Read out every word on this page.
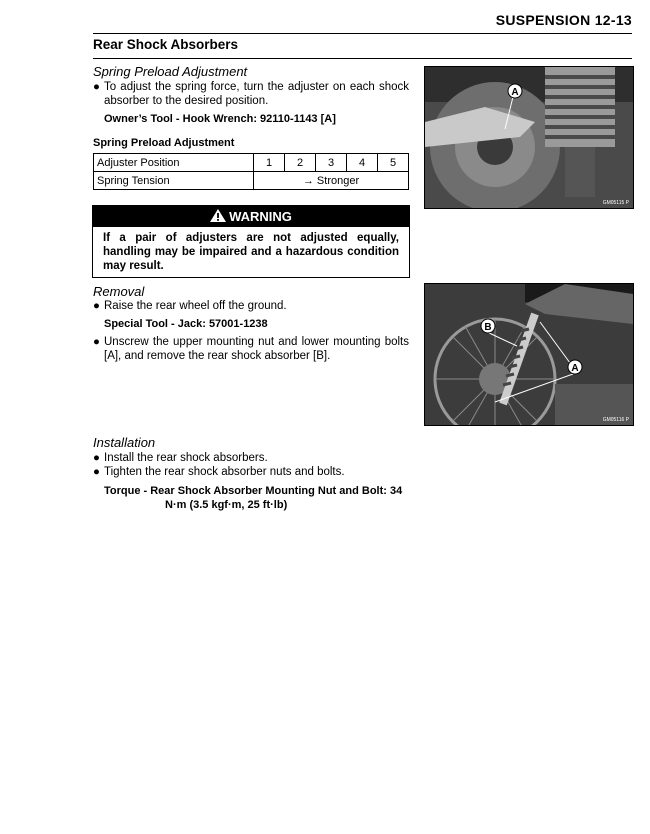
SUSPENSION 12-13
Rear Shock Absorbers
Spring Preload Adjustment
● To adjust the spring force, turn the adjuster on each shock absorber to the desired position.
Owner’s Tool - Hook Wrench: 92110-1143 [A]
Spring Preload Adjustment
Adjuster Position	1	2	3	4	5
Spring Tension	→ Stronger				
WARNING
If a pair of adjusters are not adjusted equally, handling may be impaired and a hazardous condition may result.
Removal
● Raise the rear wheel off the ground.
Special Tool - Jack: 57001-1238
● Unscrew the upper mounting nut and lower mounting bolts [A], and remove the rear shock absorber [B].
Installation
● Install the rear shock absorbers.
● Tighten the rear shock absorber nuts and bolts.
Torque - Rear Shock Absorber Mounting Nut and Bolt: 34
N·m (3.5 kgf·m, 25 ft·lb)
A
GM05115 P
B
A
GM05116 P
